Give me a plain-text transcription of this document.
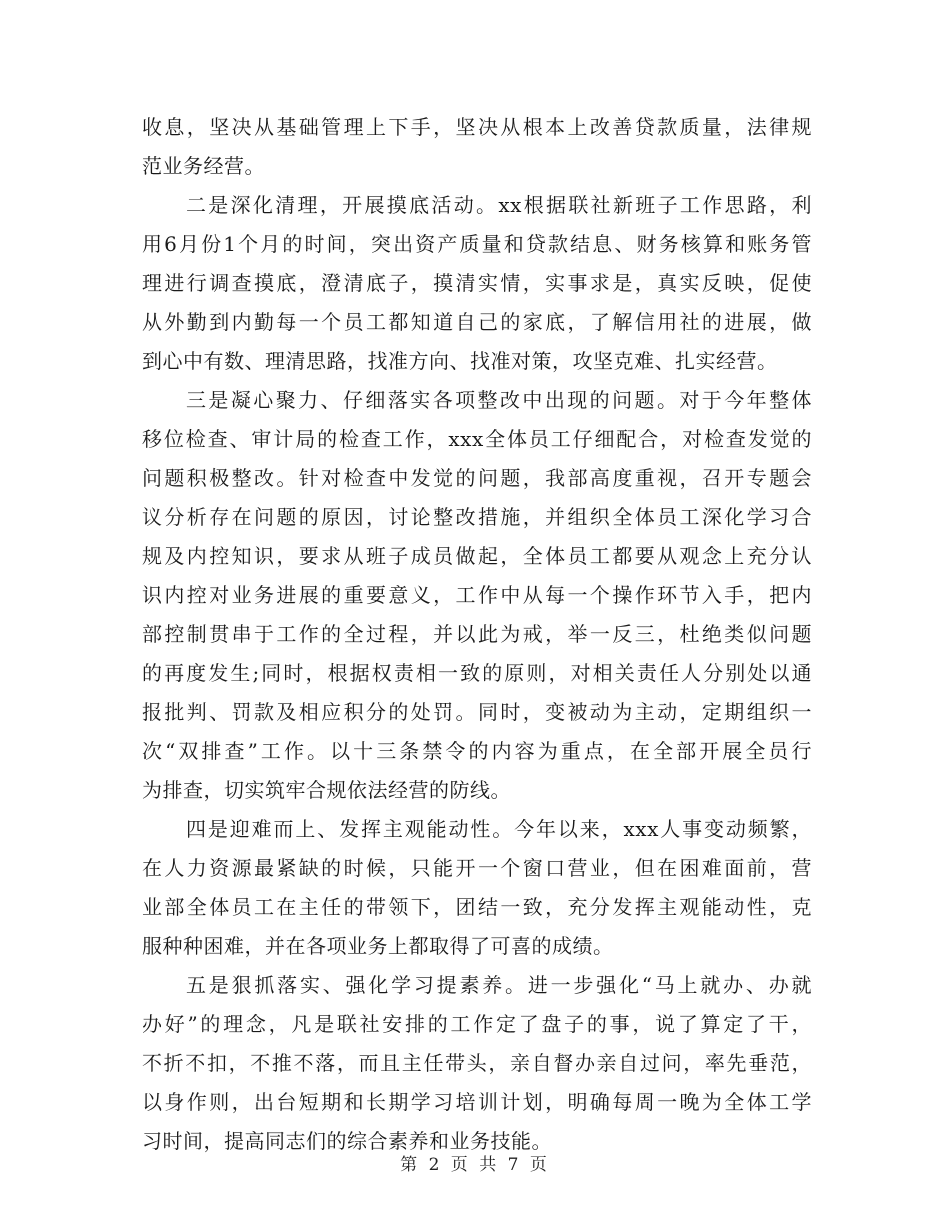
收息，坚决从基础管理上下手，坚决从根本上改善贷款质量，法律规
范业务经营。
二是深化清理，开展摸底活动。xx根据联社新班子工作思路，利
用6月份1个月的时间，突出资产质量和贷款结息、财务核算和账务管
理进行调查摸底，澄清底子，摸清实情，实事求是，真实反映，促使
从外勤到内勤每一个员工都知道自己的家底，了解信用社的进展，做
到心中有数、理清思路，找准方向、找准对策，攻坚克难、扎实经营。
三是凝心聚力、仔细落实各项整改中出现的问题。对于今年整体
移位检查、审计局的检查工作，xxx全体员工仔细配合，对检查发觉的
问题积极整改。针对检查中发觉的问题，我部高度重视，召开专题会
议分析存在问题的原因，讨论整改措施，并组织全体员工深化学习合
规及内控知识，要求从班子成员做起，全体员工都要从观念上充分认
识内控对业务进展的重要意义，工作中从每一个操作环节入手，把内
部控制贯串于工作的全过程，并以此为戒，举一反三，杜绝类似问题
的再度发生;同时，根据权责相一致的原则，对相关责任人分别处以通
报批判、罚款及相应积分的处罚。同时，变被动为主动，定期组织一
次“双排查”工作。以十三条禁令的内容为重点，在全部开展全员行
为排查，切实筑牢合规依法经营的防线。
四是迎难而上、发挥主观能动性。今年以来，xxx人事变动频繁，
在人力资源最紧缺的时候，只能开一个窗口营业，但在困难面前，营
业部全体员工在主任的带领下，团结一致，充分发挥主观能动性，克
服种种困难，并在各项业务上都取得了可喜的成绩。
五是狠抓落实、强化学习提素养。进一步强化“马上就办、办就
办好”的理念，凡是联社安排的工作定了盘子的事，说了算定了干，
不折不扣，不推不落，而且主任带头，亲自督办亲自过问，率先垂范，
以身作则，出台短期和长期学习培训计划，明确每周一晚为全体工学
习时间，提高同志们的综合素养和业务技能。
第 2 页 共 7 页
